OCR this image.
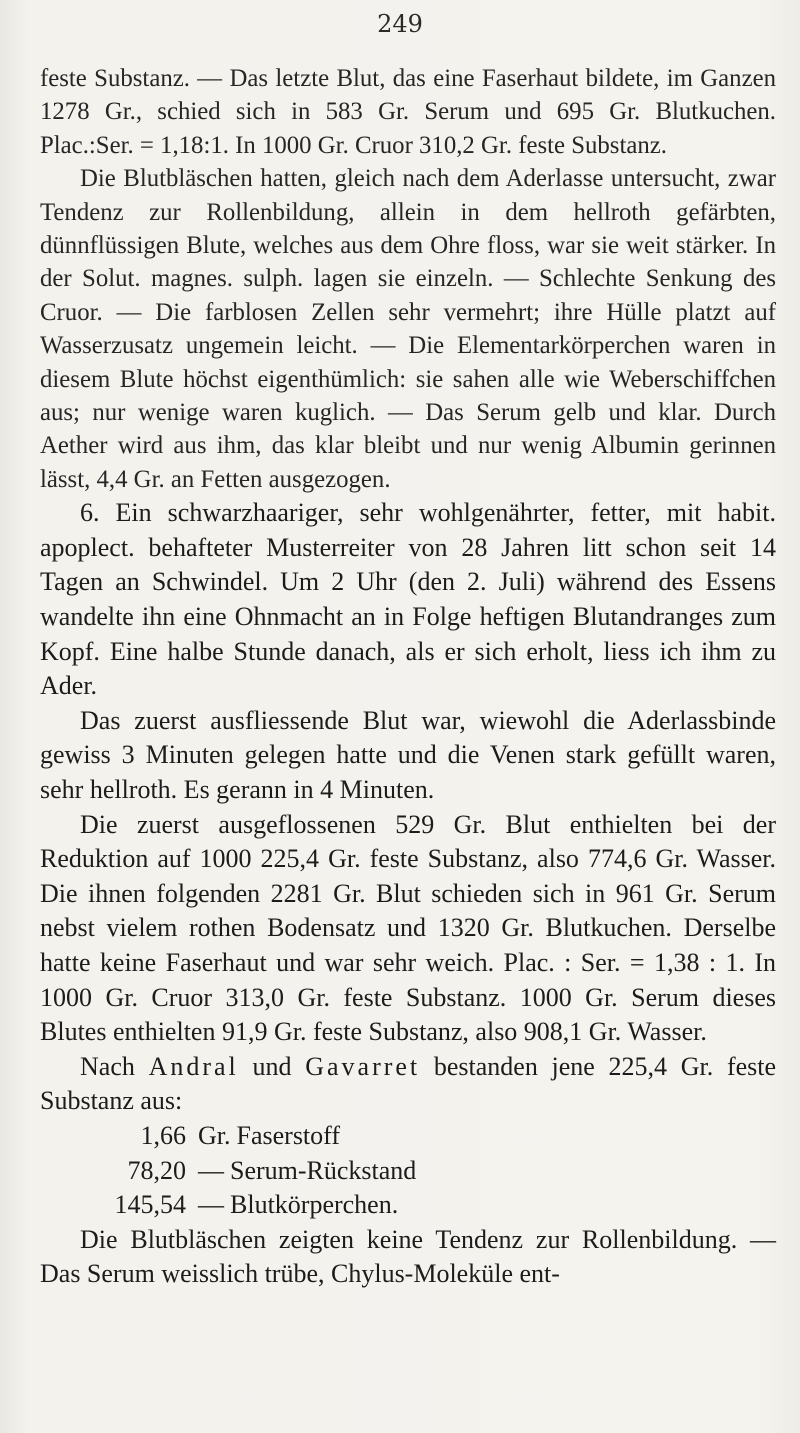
249

feste Substanz. — Das letzte Blut, das eine Faserhaut bildete, im Ganzen 1278 Gr., schied sich in 583 Gr. Serum und 695 Gr. Blutkuchen. Plac.:Ser. = 1,18:1. In 1000 Gr. Cruor 310,2 Gr. feste Substanz.

Die Blutbläschen hatten, gleich nach dem Aderlasse untersucht, zwar Tendenz zur Rollenbildung, allein in dem hellroth gefärbten, dünnflüssigen Blute, welches aus dem Ohre floss, war sie weit stärker. In der Solut. magnes. sulph. lagen sie einzeln. — Schlechte Senkung des Cruor. — Die farblosen Zellen sehr vermehrt; ihre Hülle platzt auf Wasserzusatz ungemein leicht. — Die Elementarkörperchen waren in diesem Blute höchst eigenthümlich: sie sahen alle wie Weberschiffchen aus; nur wenige waren kuglich. — Das Serum gelb und klar. Durch Aether wird aus ihm, das klar bleibt und nur wenig Albumin gerinnen lässt, 4,4 Gr. an Fetten ausgezogen.

6. Ein schwarzhaariger, sehr wohlgenährter, fetter, mit habit. apoplect. behafteter Musterreiter von 28 Jahren litt schon seit 14 Tagen an Schwindel. Um 2 Uhr (den 2. Juli) während des Essens wandelte ihn eine Ohnmacht an in Folge heftigen Blutandranges zum Kopf. Eine halbe Stunde danach, als er sich erholt, liess ich ihm zu Ader.

Das zuerst ausfliessende Blut war, wiewohl die Aderlassbinde gewiss 3 Minuten gelegen hatte und die Venen stark gefüllt waren, sehr hellroth. Es gerann in 4 Minuten.

Die zuerst ausgeflossenen 529 Gr. Blut enthielten bei der Reduktion auf 1000 225,4 Gr. feste Substanz, also 774,6 Gr. Wasser. Die ihnen folgenden 2281 Gr. Blut schieden sich in 961 Gr. Serum nebst vielem rothen Bodensatz und 1320 Gr. Blutkuchen. Derselbe hatte keine Faserhaut und war sehr weich. Plac. : Ser. = 1,38 : 1. In 1000 Gr. Cruor 313,0 Gr. feste Substanz. 1000 Gr. Serum dieses Blutes enthielten 91,9 Gr. feste Substanz, also 908,1 Gr. Wasser.

Nach Andral und Gavarret bestanden jene 225,4 Gr. feste Substanz aus:

1,66 Gr. Faserstoff
78,20 — Serum-Rückstand
145,54 — Blutkörperchen.

Die Blutbläschen zeigten keine Tendenz zur Rollenbildung. — Das Serum weisslich trübe, Chylus-Moleküle ent-
